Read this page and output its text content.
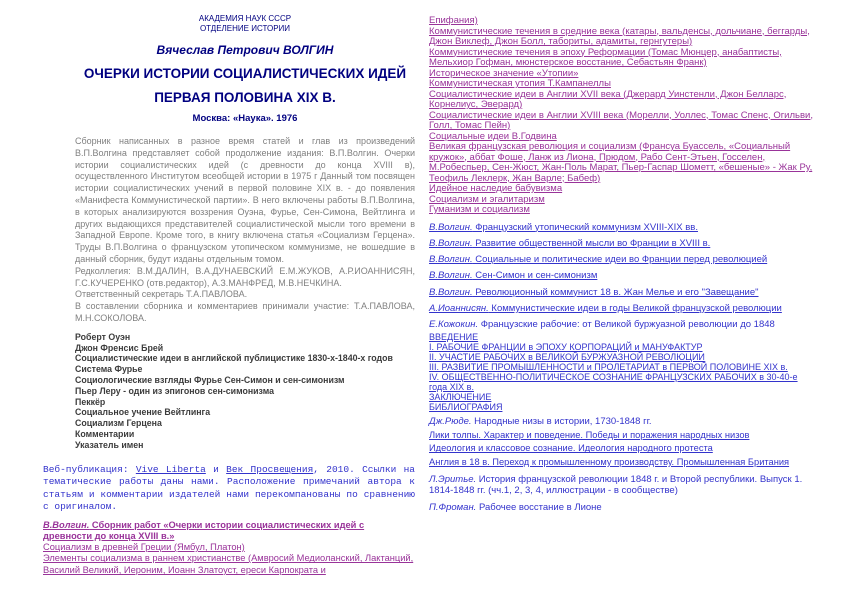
АКАДЕМИЯ НАУК СССР
ОТДЕЛЕНИЕ ИСТОРИИ
Вячеслав Петрович ВОЛГИН
ОЧЕРКИ ИСТОРИИ СОЦИАЛИСТИЧЕСКИХ ИДЕЙ
ПЕРВАЯ ПОЛОВИНА XIX В.
Москва: «Наука». 1976

Сборник написанных в разное время статей и глав из произведений В.П.Волгина представляет собой продолжение издания: В.П.Волгин. Очерки истории социалистических идей (с древности до конца XVIII в), осуществленного Институтом всеобщей истории в 1975 г Данный том посвящен истории социалистических учений в первой половине XIX в. - до появления «Манифеста Коммунистической партии». В него включены работы В.П.Волгина, в которых анализируются воззрения Оуэна, Фурье, Сен-Симона, Вейтлинга и других выдающихся представителей социалистической мысли того времени в Западной Европе. Кроме того, в книгу включена статья «Социализм Герцена». Труды В.П.Волгина о французском утопическом коммунизме, не вошедшие в данный сборник, будут изданы отдельным томом.

Редколлегия: В.М.ДАЛИН, В.А.ДУНАЕВСКИЙ Е.М.ЖУКОВ, А.Р.ИОАННИСЯН, Г.С.КУЧЕРЕНКО (отв.редактор), А.З.МАНФРЕД, М.В.НЕЧКИНА.

Ответственный секретарь Т.А.ПАВЛОВА.

В составлении сборника и комментариев принимали участие: Т.А.ПАВЛОВА, М.Н.СОКОЛОВА.

Роберт Оуэн
Джон Френсис Брей
Социалистические идеи в английской публицистике 1830-х-1840-х годов
Система Фурье
Социологические взгляды Фурье Сен-Симон и сен-симонизм
Пьер Леру - один из эпигонов сен-симонизма
Пеккёр
Социальное учение Вейтлинга
Социализм Герцена
Комментарии
Указатель имен
Веб-публикация: Vive Liberta и Век Просвещения, 2010. Ссылки на тематические работы даны нами. Расположение примечаний автора к статьям и комментарии издателей нами перекомпанованы по сравнению с оригиналом.
В.Волгин. Сборник работ «Очерки истории социалистических идей с древности до конца XVIII в.»
Социализм в древней Греции (Ямбул, Платон)
Элементы социализма в раннем христианстве (Амвросий Медиоланский, Лактанций, Василий Великий, Иероним, Иоанн Златоуст, ереси Карпократа и
Епифания)
Коммунистические течения в средние века (катары, вальденсы, дольчиане, беггарды, Джон Виклеф, Джон Болл, табориты, адамиты, гернгутеры)
Коммунистические течения в эпоху Реформации (Томас Мюнцер, анабаптисты, Мельхиор Гофман, мюнстерское восстание, Себастьян Франк)
Историческое значение «Утопии»
Коммунистическая утопия Т.Кампанеллы
Социалистические идеи в Англии XVII века (Джерард Уинстенли, Джон Белларс, Корнелиус, Эверард)
Социалистические идеи в Англии XVIII века (Морелли, Уоллес, Томас Спенс, Огильви, Голл, Томас Пейн)
Социальные идеи В.Годвина
Великая французская революция и социализм (Франсуа Буассель, «Социальный кружок», аббат Фоше, Ланж из Лиона, Прюдом, Рабо Сент-Этьен, Госселен, М.Робеспьер, Сен-Жюст, Жан-Поль Марат, Пьер-Гаспар Шометт, «бешеные» - Жак Ру, Теофиль Леклерк, Жан Варле; Бабеф)
Идейное наследие бабувизма
Социализм и эгалитаризм
Гуманизм и социализм
В.Волгин. Французский утопический коммунизм XVIII-XIX вв.
В.Волгин. Развитие общественной мысли во Франции в XVIII в.
В.Волгин. Социальные и политические идеи во Франции перед революцией
В.Волгин. Сен-Симон и сен-симонизм
В.Волгин. Революционный коммунист 18 в. Жан Мелье и его "Завещание"
А.Иоаннисян. Коммунистические идеи в годы Великой французской революции
Е.Кожокин. Французские рабочие: от Великой буржуазной революции до 1848
ВВЕДЕНИЕ
I. РАБОЧИЕ ФРАНЦИИ в ЭПОХУ КОРПОРАЦИЙ и МАНУФАКТУР
II. УЧАСТИЕ РАБОЧИХ в ВЕЛИКОЙ БУРЖУАЗНОЙ РЕВОЛЮЦИИ
III. РАЗВИТИЕ ПРОМЫШЛЕННОСТИ и ПРОЛЕТАРИАТ в ПЕРВОЙ ПОЛОВИНЕ XIX в.
IV. ОБЩЕСТВЕННО-ПОЛИТИЧЕСКОЕ СОЗНАНИЕ ФРАНЦУЗСКИХ РАБОЧИХ в 30-40-е года XIX в.
ЗАКЛЮЧЕНИЕ
БИБЛИОГРАФИЯ
Дж.Рюде. Народные низы в истории, 1730-1848 гг.
Лики толпы. Характер и поведение. Победы и поражения народных низов
Идеология и классовое сознание. Идеология народного протеста
Англия в 18 в. Переход к промышленному производству. Промышленная Британия
Л.Эритье. История французской революции 1848 г. и Второй республики. Выпуск 1. 1814-1848 гг. (чч.1, 2, 3, 4, иллюстрации - в сообществе)
П.Фроман. Рабочее восстание в Лионе
